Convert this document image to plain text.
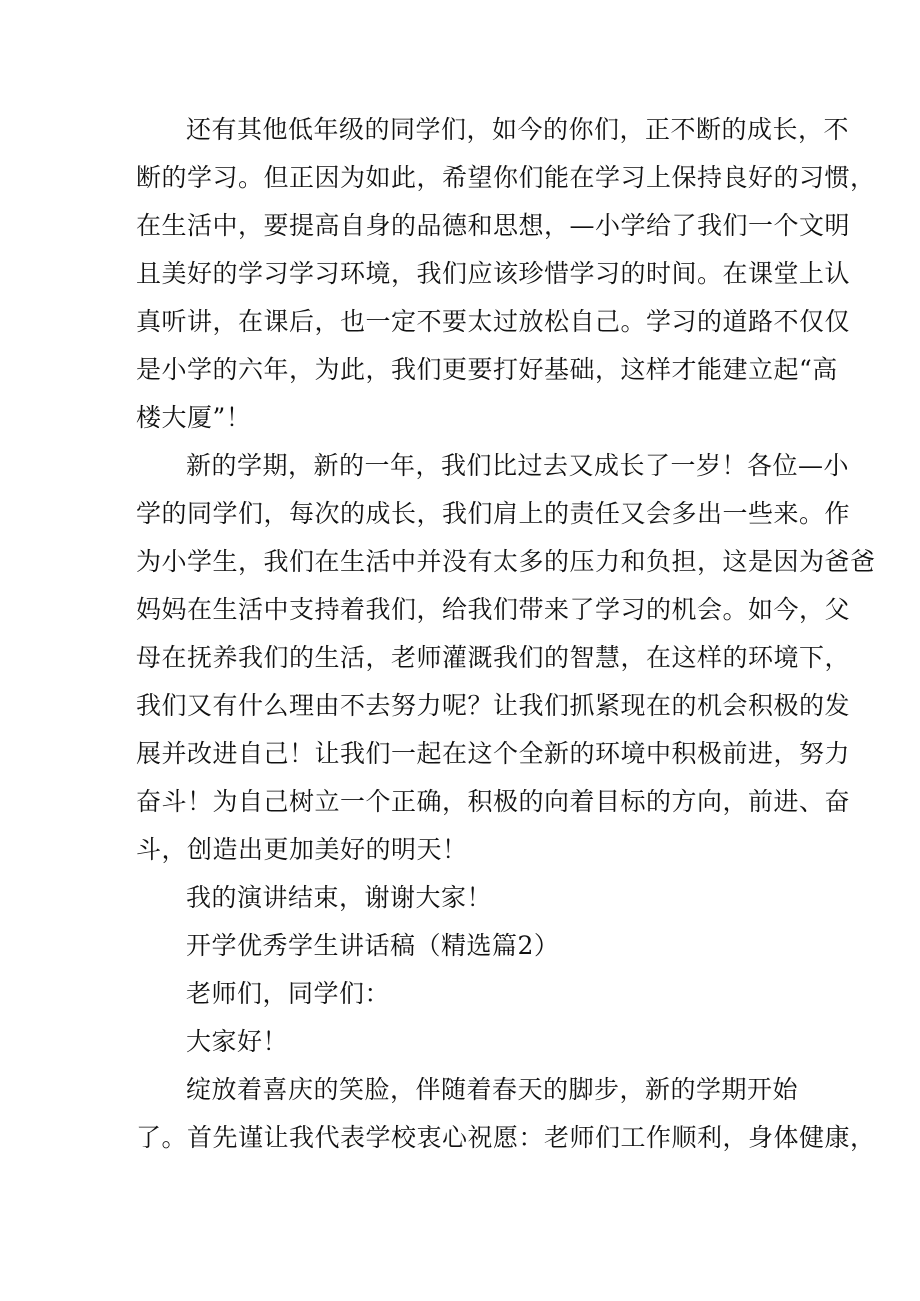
还有其他低年级的同学们，如今的你们，正不断的成长，不
断的学习。但正因为如此，希望你们能在学习上保持良好的习惯，
在生活中，要提高自身的品德和思想，—小学给了我们一个文明
且美好的学习学习环境，我们应该珍惜学习的时间。在课堂上认
真听讲，在课后，也一定不要太过放松自己。学习的道路不仅仅
是小学的六年，为此，我们更要打好基础，这样才能建立起“高
楼大厦”！
新的学期，新的一年，我们比过去又成长了一岁！各位—小
学的同学们，每次的成长，我们肩上的责任又会多出一些来。作
为小学生，我们在生活中并没有太多的压力和负担，这是因为爸爸
妈妈在生活中支持着我们，给我们带来了学习的机会。如今，父
母在抚养我们的生活，老师灌溉我们的智慧，在这样的环境下，
我们又有什么理由不去努力呢？让我们抓紧现在的机会积极的发
展并改进自己！让我们一起在这个全新的环境中积极前进，努力
奋斗！为自己树立一个正确，积极的向着目标的方向，前进、奋
斗，创造出更加美好的明天！
我的演讲结束，谢谢大家！
开学优秀学生讲话稿（精选篇2）
老师们，同学们：
大家好！
绽放着喜庆的笑脸，伴随着春天的脚步，新的学期开始
了。首先谨让我代表学校衷心祝愿：老师们工作顺利，身体健康，
